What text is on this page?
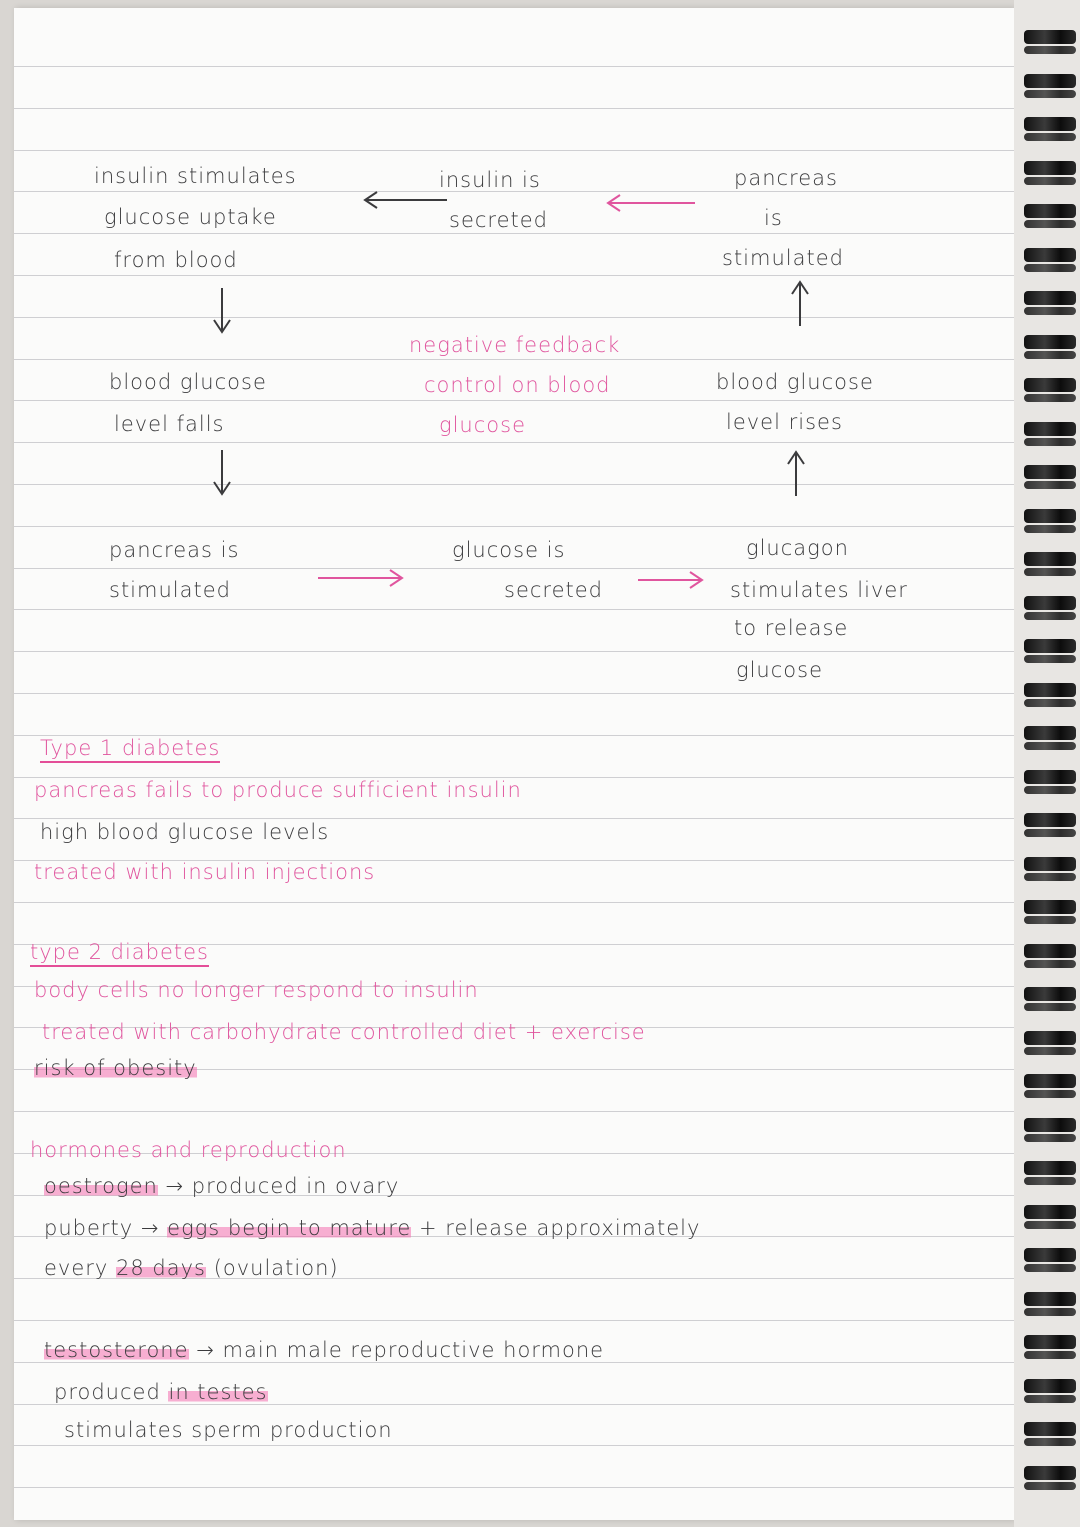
insulin stimulates
glucose uptake
from blood
insulin is
secreted
pancreas
is
stimulated
negative feedback
control on blood
glucose
blood glucose
level falls
blood glucose
level rises
pancreas is
stimulated
glucose is
secreted
glucagon
stimulates liver
to release
glucose
Type 1 diabetes
pancreas fails to produce sufficient insulin
high blood glucose levels
treated with insulin injections
type 2 diabetes
body cells no longer respond to insulin
treated with carbohydrate controlled diet + exercise
risk of obesity
hormones and reproduction
oestrogen → produced in ovary
puberty → eggs begin to mature + release approximately
every 28 days (ovulation)
testosterone → main male reproductive hormone
produced in testes
stimulates sperm production
